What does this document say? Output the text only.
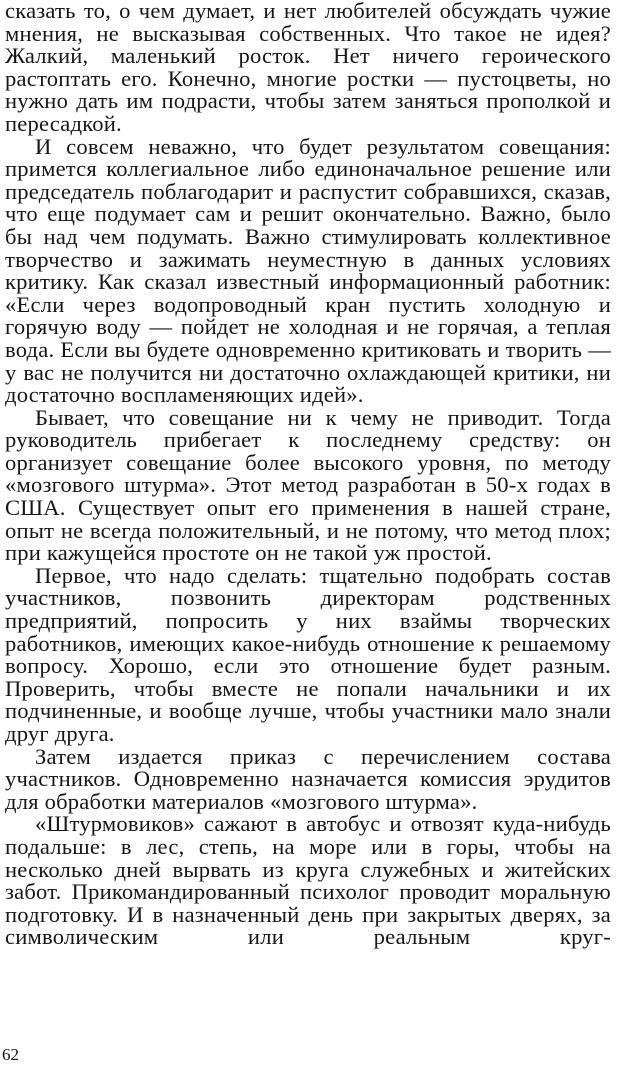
сказать то, о чем думает, и нет любителей обсуждать чужие мнения, не высказывая собственных. Что такое не идея? Жалкий, маленький росток. Нет ничего героического растоптать его. Конечно, многие ростки — пустоцветы, но нужно дать им подрасти, чтобы затем заняться прополкой и пересадкой.

И совсем неважно, что будет результатом совещания: примется коллегиальное либо единоначальное решение или председатель поблагодарит и распустит собравшихся, сказав, что еще подумает сам и решит окончательно. Важно, было бы над чем подумать. Важно стимулировать коллективное творчество и зажимать неуместную в данных условиях критику. Как сказал известный информационный работник: «Если через водопроводный кран пустить холодную и горячую воду — пойдет не холодная и не горячая, а теплая вода. Если вы будете одновременно критиковать и творить — у вас не получится ни достаточно охлаждающей критики, ни достаточно воспламеняющих идей».

Бывает, что совещание ни к чему не приводит. Тогда руководитель прибегает к последнему средству: он организует совещание более высокого уровня, по методу «мозгового штурма». Этот метод разработан в 50-х годах в США. Существует опыт его применения в нашей стране, опыт не всегда положительный, и не потому, что метод плох; при кажущейся простоте он не такой уж простой.

Первое, что надо сделать: тщательно подобрать состав участников, позвонить директорам родственных предприятий, попросить у них взаймы творческих работников, имеющих какое-нибудь отношение к решаемому вопросу. Хорошо, если это отношение будет разным. Проверить, чтобы вместе не попали начальники и их подчиненные, и вообще лучше, чтобы участники мало знали друг друга.

Затем издается приказ с перечислением состава участников. Одновременно назначается комиссия эрудитов для обработки материалов «мозгового штурма».

«Штурмовиков» сажают в автобус и отвозят куда-нибудь подальше: в лес, степь, на море или в горы, чтобы на несколько дней вырвать из круга служебных и житейских забот. Прикомандированный психолог проводит моральную подготовку. И в назначенный день при закрытых дверях, за символическим или реальным круг-

62
